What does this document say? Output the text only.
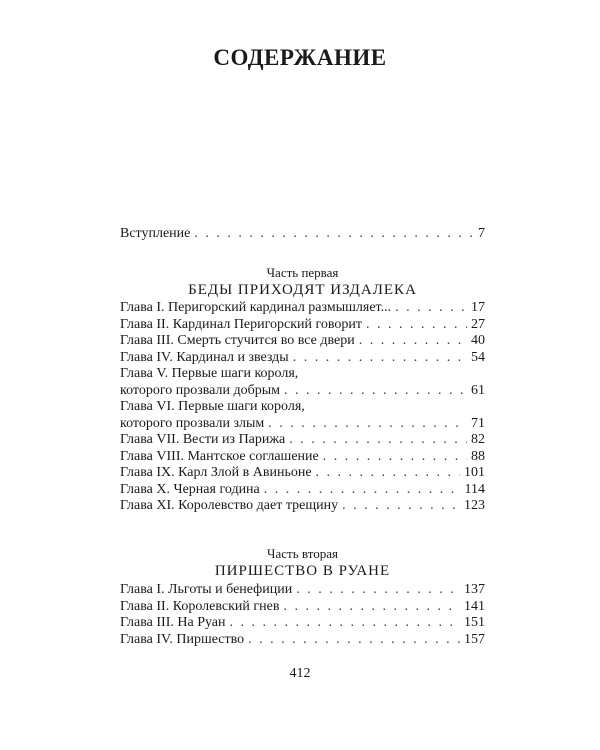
СОДЕРЖАНИЕ
Вступление . . .	7
Часть первая
БЕДЫ ПРИХОДЯТ ИЗДАЛЕКА
Глава I. Перигорский кардинал размышляет... . . .	17
Глава II. Кардинал Перигорский говорит . . .	27
Глава III. Смерть стучится во все двери . . .	40
Глава IV. Кардинал и звезды . . .	54
Глава V. Первые шаги короля,
которого прозвали добрым . . .	61
Глава VI. Первые шаги короля,
которого прозвали злым . . .	71
Глава VII. Вести из Парижа . . .	82
Глава VIII. Мантское соглашение . . .	88
Глава IX. Карл Злой в Авиньоне . . .	101
Глава X. Черная година . . .	114
Глава XI. Королевство дает трещину . . .	123
Часть вторая
ПИРШЕСТВО В РУАНЕ
Глава I. Льготы и бенефиции . . .	137
Глава II. Королевский гнев . . .	141
Глава III. На Руан . . .	151
Глава IV. Пиршество . . .	157
412
